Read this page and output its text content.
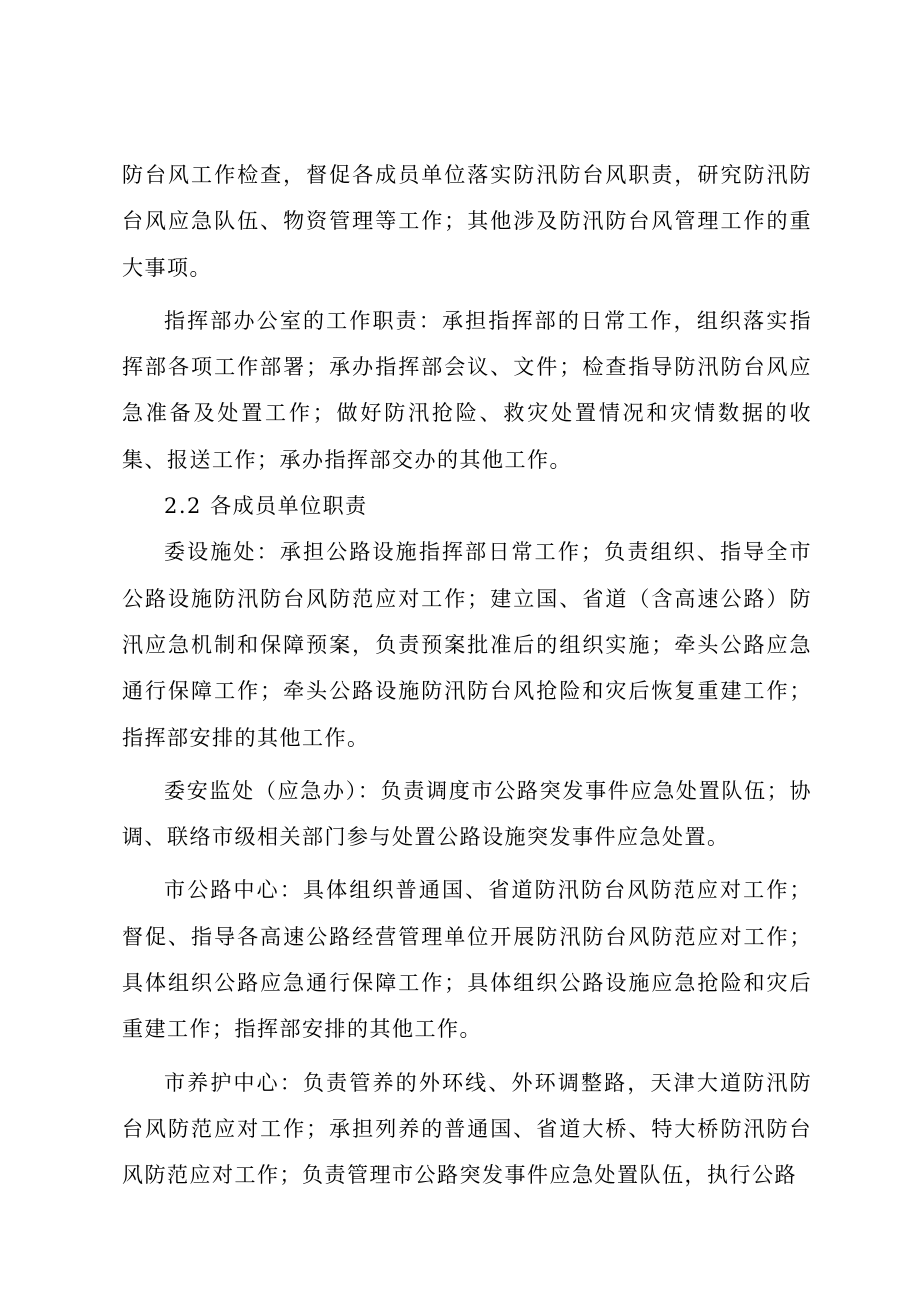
防台风工作检查，督促各成员单位落实防汛防台风职责，研究防汛防台风应急队伍、物资管理等工作；其他涉及防汛防台风管理工作的重大事项。

指挥部办公室的工作职责：承担指挥部的日常工作，组织落实指挥部各项工作部署；承办指挥部会议、文件；检查指导防汛防台风应急准备及处置工作；做好防汛抢险、救灾处置情况和灾情数据的收集、报送工作；承办指挥部交办的其他工作。

2.2 各成员单位职责

委设施处：承担公路设施指挥部日常工作；负责组织、指导全市公路设施防汛防台风防范应对工作；建立国、省道（含高速公路）防汛应急机制和保障预案，负责预案批准后的组织实施；牵头公路应急通行保障工作；牵头公路设施防汛防台风抢险和灾后恢复重建工作；指挥部安排的其他工作。

委安监处（应急办）：负责调度市公路突发事件应急处置队伍；协调、联络市级相关部门参与处置公路设施突发事件应急处置。

市公路中心：具体组织普通国、省道防汛防台风防范应对工作；督促、指导各高速公路经营管理单位开展防汛防台风防范应对工作；具体组织公路应急通行保障工作；具体组织公路设施应急抢险和灾后重建工作；指挥部安排的其他工作。

市养护中心：负责管养的外环线、外环调整路，天津大道防汛防台风防范应对工作；承担列养的普通国、省道大桥、特大桥防汛防台风防范应对工作；负责管理市公路突发事件应急处置队伍，执行公路
